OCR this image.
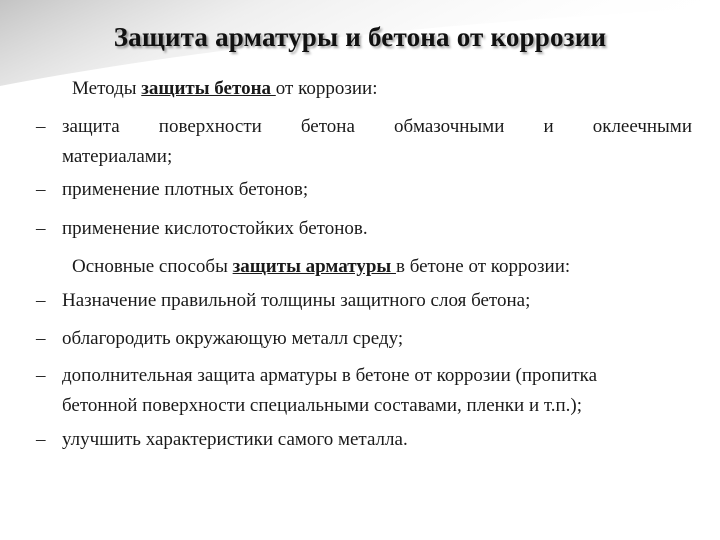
Защита арматуры и бетона от коррозии
Методы защиты бетона от коррозии:
– защита поверхности бетона обмазочными и оклеечными
материалами;
– применение плотных бетонов;
– применение кислотостойких бетонов.
Основные способы защиты арматуры в бетоне от коррозии:
– Назначение правильной толщины защитного слоя бетона;
– облагородить окружающую металл среду;
– дополнительная защита арматуры в бетоне от коррозии (пропитка
бетонной поверхности специальными составами, пленки и т.п.);
– улучшить характеристики самого металла.
